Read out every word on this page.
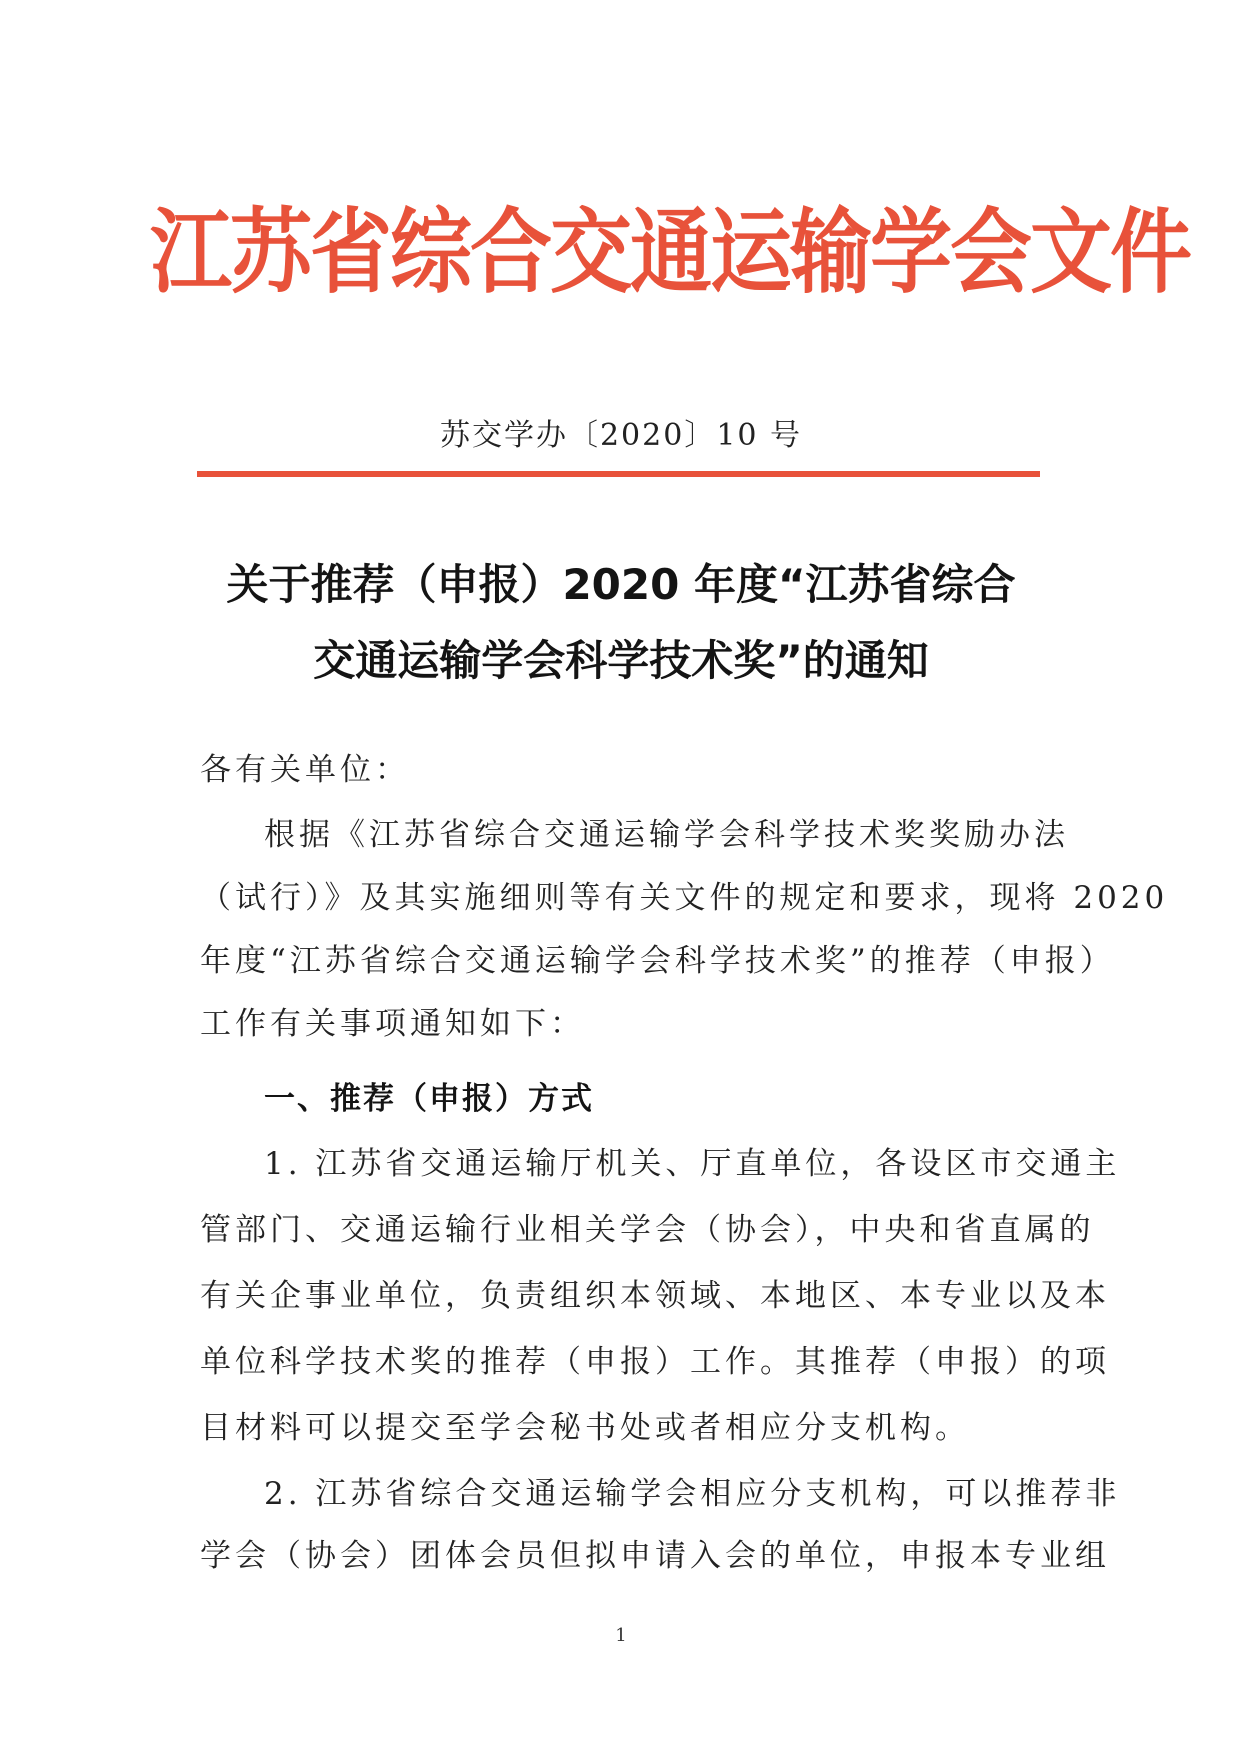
江苏省综合交通运输学会文件
苏交学办〔2020〕10 号
关于推荐（申报）2020 年度“江苏省综合
交通运输学会科学技术奖”的通知
各有关单位：
根据《江苏省综合交通运输学会科学技术奖奖励办法
（试行）》及其实施细则等有关文件的规定和要求，现将 2020
年度“江苏省综合交通运输学会科学技术奖”的推荐（申报）
工作有关事项通知如下：
一、推荐（申报）方式
1. 江苏省交通运输厅机关、厅直单位，各设区市交通主
管部门、交通运输行业相关学会（协会），中央和省直属的
有关企事业单位，负责组织本领域、本地区、本专业以及本
单位科学技术奖的推荐（申报）工作。其推荐（申报）的项
目材料可以提交至学会秘书处或者相应分支机构。
2. 江苏省综合交通运输学会相应分支机构，可以推荐非
学会（协会）团体会员但拟申请入会的单位，申报本专业组
1
